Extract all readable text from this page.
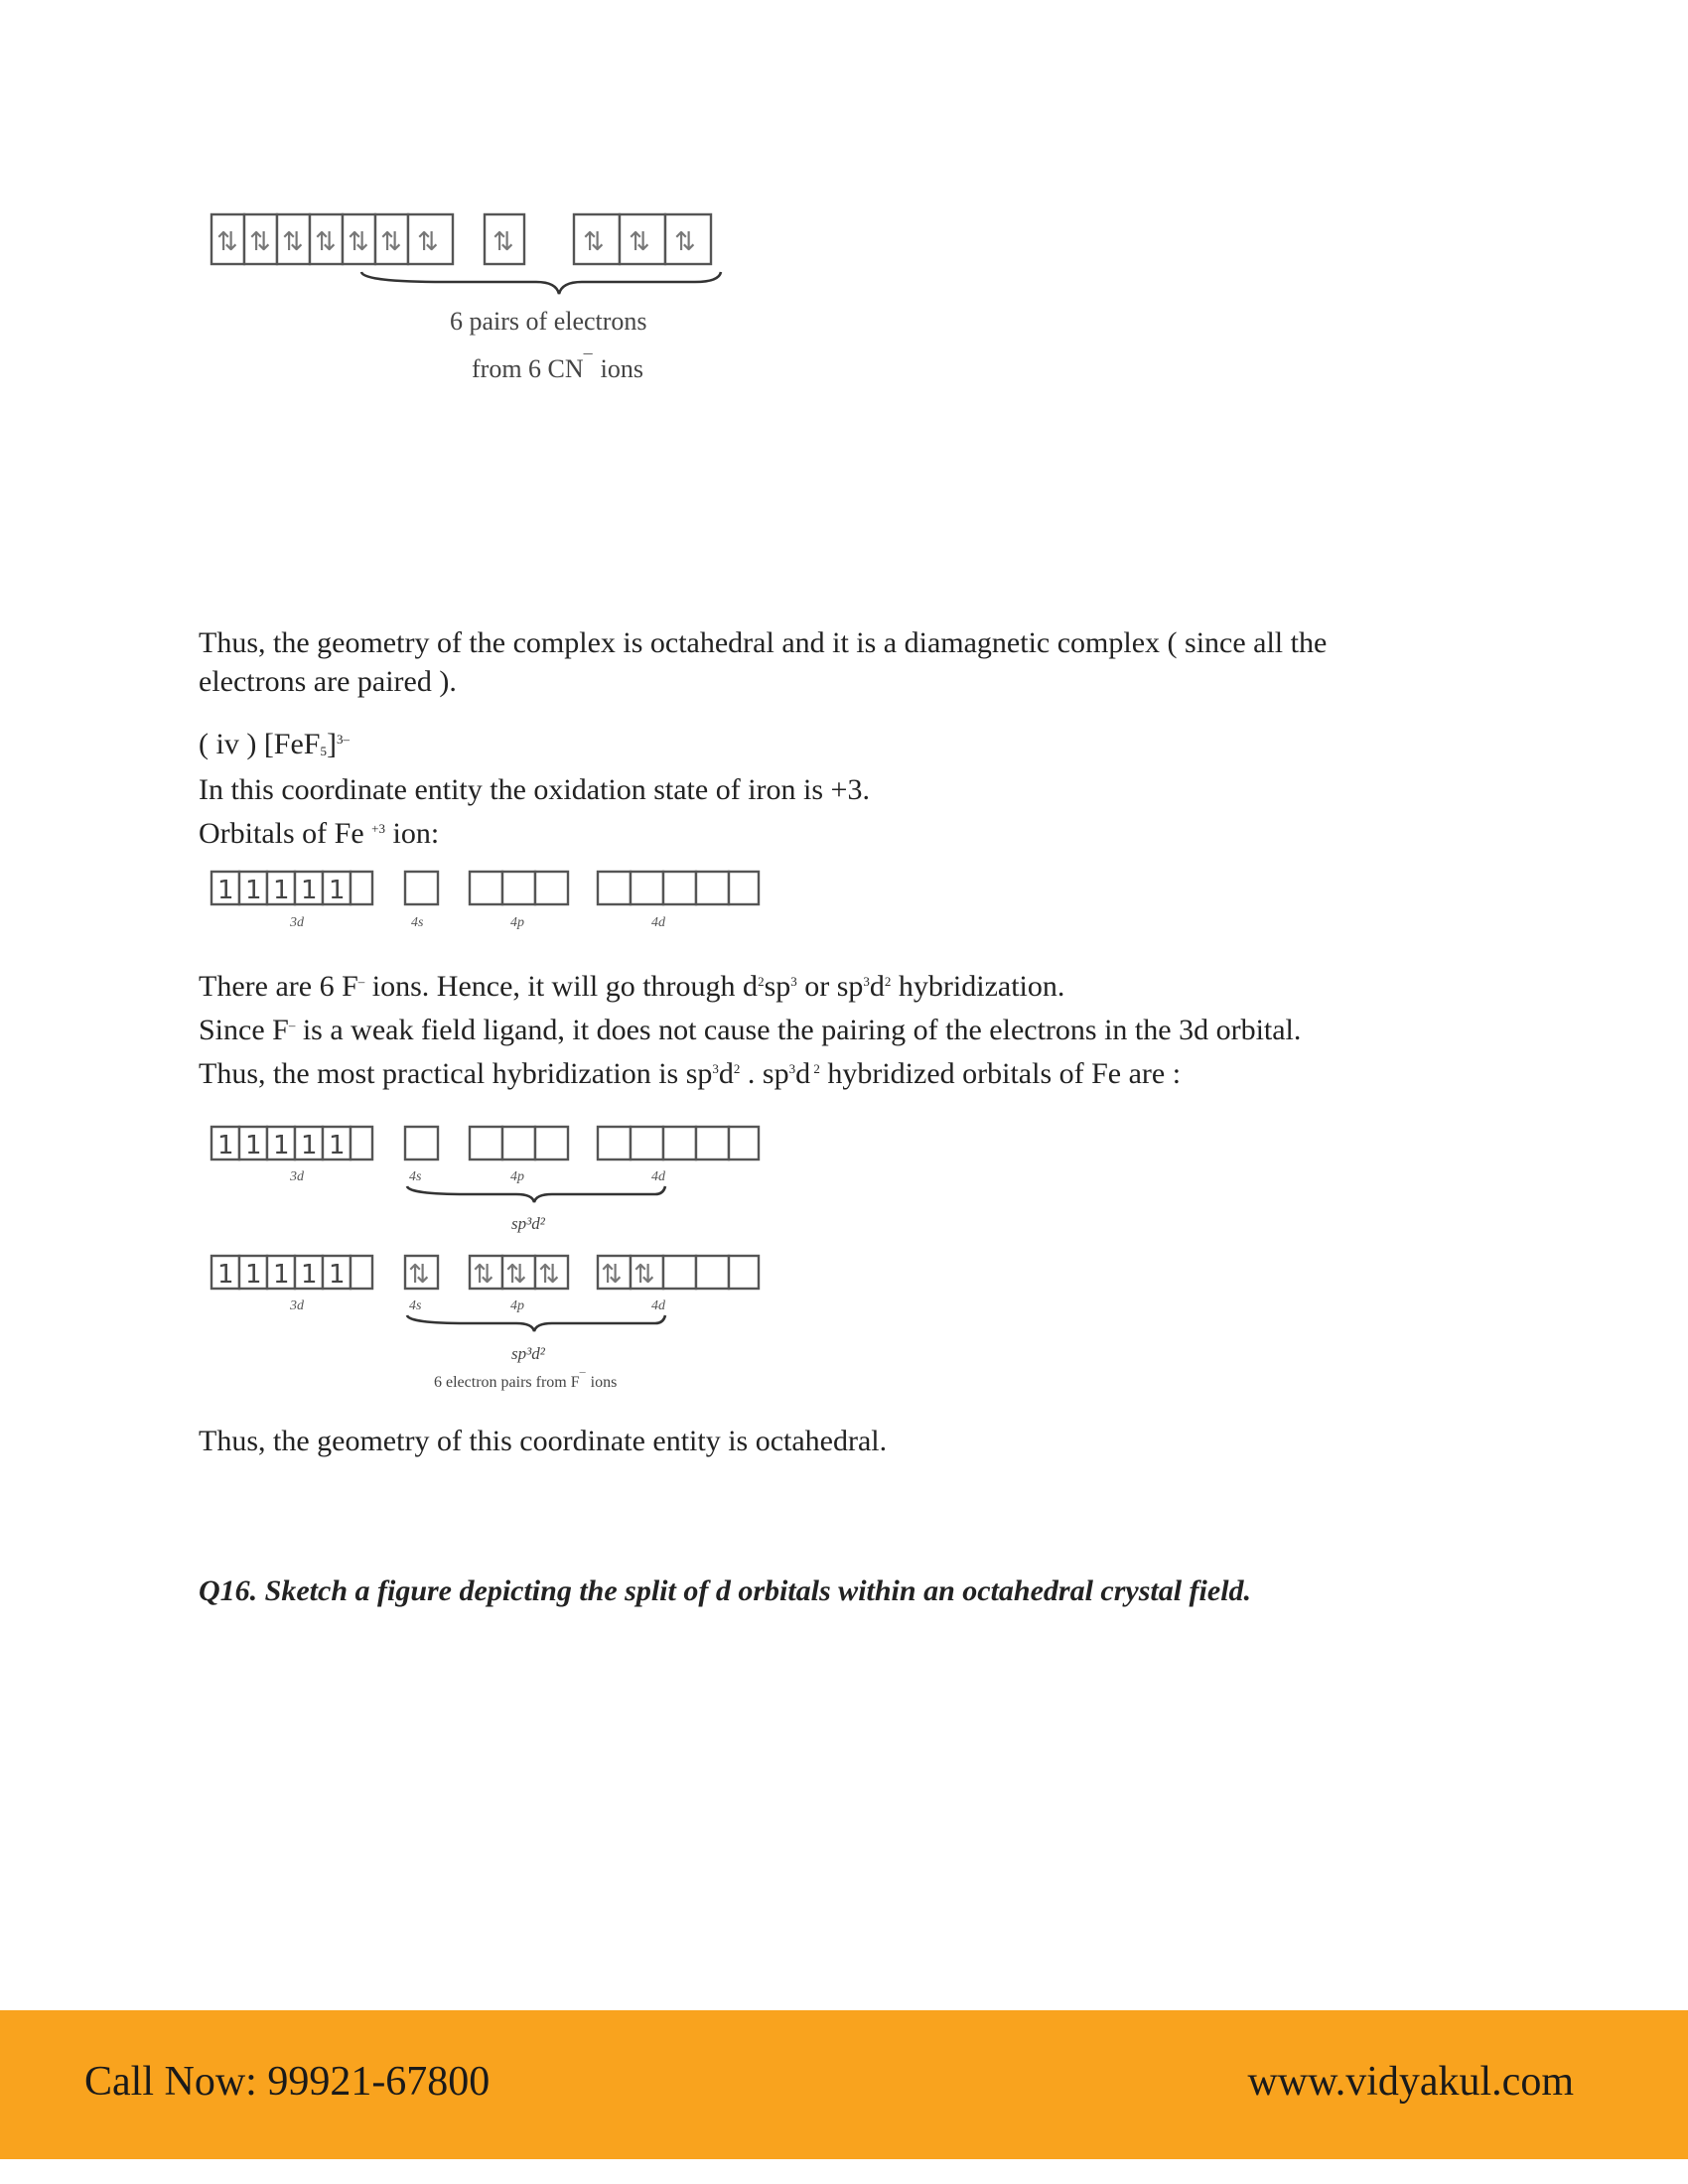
⇅ ⇅ ⇅ ⇅ ⇅ ⇅ ⇅ ⇅	⇅ ⇅ ⇅
6 pairs of electrons
from 6 CN¯ ions

Thus, the geometry of the complex is octahedral and it is a diamagnetic complex ( since all the
electrons are paired ).

( iv ) $[FeF_5]^{3-}$
In this coordinate entity the oxidation state of iron is +3.
Orbitals of Fe $^{+3}$ ion:

1 1 1 1 1
3d	4s	4p	4d

There are 6 F– ions. Hence, it will go through $d^2sp^3$ or $sp^3d^2$ hybridization.
Since F– is a weak field ligand, it does not cause the pairing of the electrons in the 3d orbital.
Thus, the most practical hybridization is $sp^3d^2$ . $sp^3d$ $^2$ hybridized orbitals of Fe are :

1 1 1 1 1
3d	4s	4p	4d
sp³d²
1 1 1 1 1 ⇅ ⇅ ⇅ ⇅ ⇅ ⇅
3d	4s	4p	4d
sp³d²
6 electron pairs from F¯ ions

Thus, the geometry of this coordinate entity is octahedral.

Q16. Sketch a figure depicting the split of d orbitals within an octahedral crystal field.

Call Now: 99921-67800	www.vidyakul.com
